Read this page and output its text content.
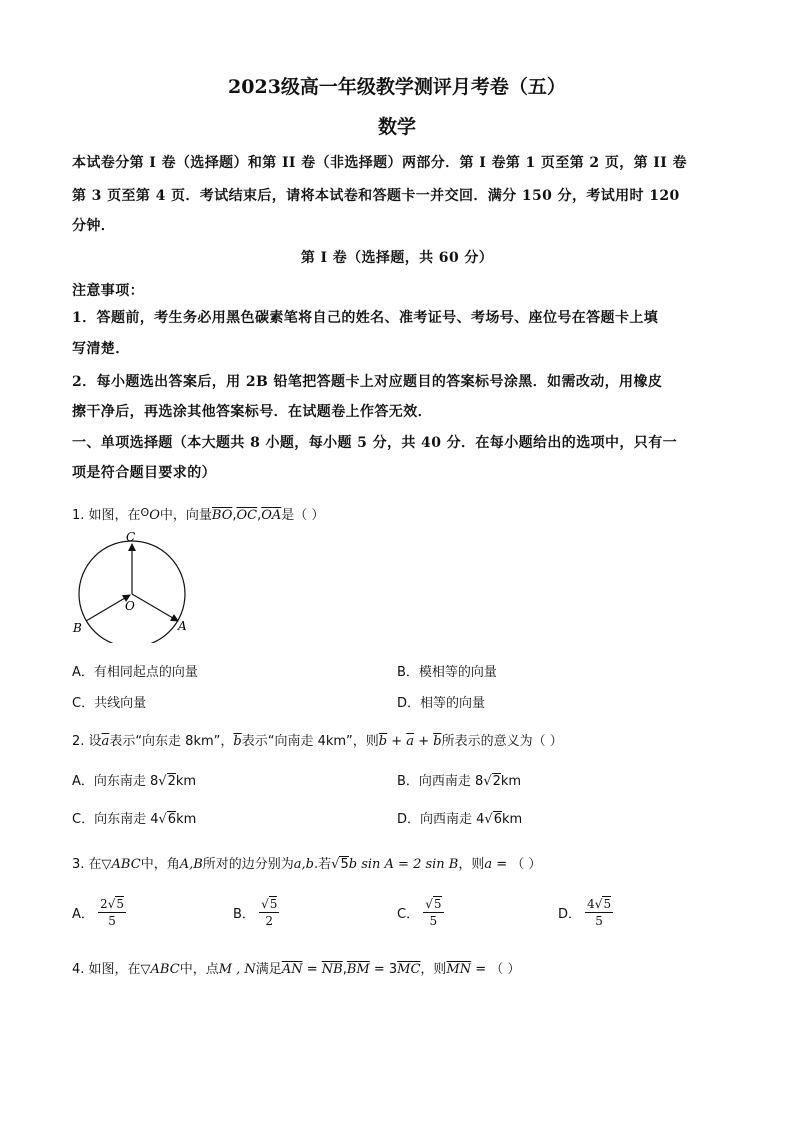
2023级高一年级教学测评月考卷（五）
数学
本试卷分第 I 卷（选择题）和第 II 卷（非选择题）两部分．第 I 卷第 1 页至第 2 页，第 II 卷
第 3 页至第 4 页．考试结束后，请将本试卷和答题卡一并交回．满分 150 分，考试用时 120
分钟．
第 I 卷（选择题，共 60 分）
注意事项：
1．答题前，考生务必用黑色碳素笔将自己的姓名、准考证号、考场号、座位号在答题卡上填
写清楚．
2．每小题选出答案后，用 2B 铅笔把答题卡上对应题目的答案标号涂黑．如需改动，用橡皮
擦干净后，再选涂其他答案标号．在试题卷上作答无效．
一、单项选择题（本大题共 8 小题，每小题 5 分，共 40 分．在每小题给出的选项中，只有一
项是符合题目要求的）
1. 如图，在$^ʘ$O中，向量$\overline{BO},\overline{OC},\overline{OA}$是（ ）
C
O
B	A
A．有相同起点的向量	B．模相等的向量
C．共线向量	D．相等的向量
2. 设$\overline{a}$表示“向东走 8km”，$\overline{b}$表示“向南走 4km”，则$\overline{b} + \overline{a} + \overline{b}$所表示的意义为（ ）
A．向东南走 8√2km	B．向西南走 8√2km
C．向东南走 4√6km	D．向西南走 4√6km
3. 在▽ABC中，角A,B所对的边分别为a,b.若√5b sin A = 2 sin B，则a = （ ）
A． $\frac{2√5}{5}$	B． $\frac{√5}{2}$	C． $\frac{√5}{5}$	D． $\frac{4√5}{5}$
4. 如图，在▽ABC中，点M , N满足$\overline{AN} = \overline{NB},\overline{BM} = 3\overline{MC}$，则$\overline{MN}$ = （ ）
